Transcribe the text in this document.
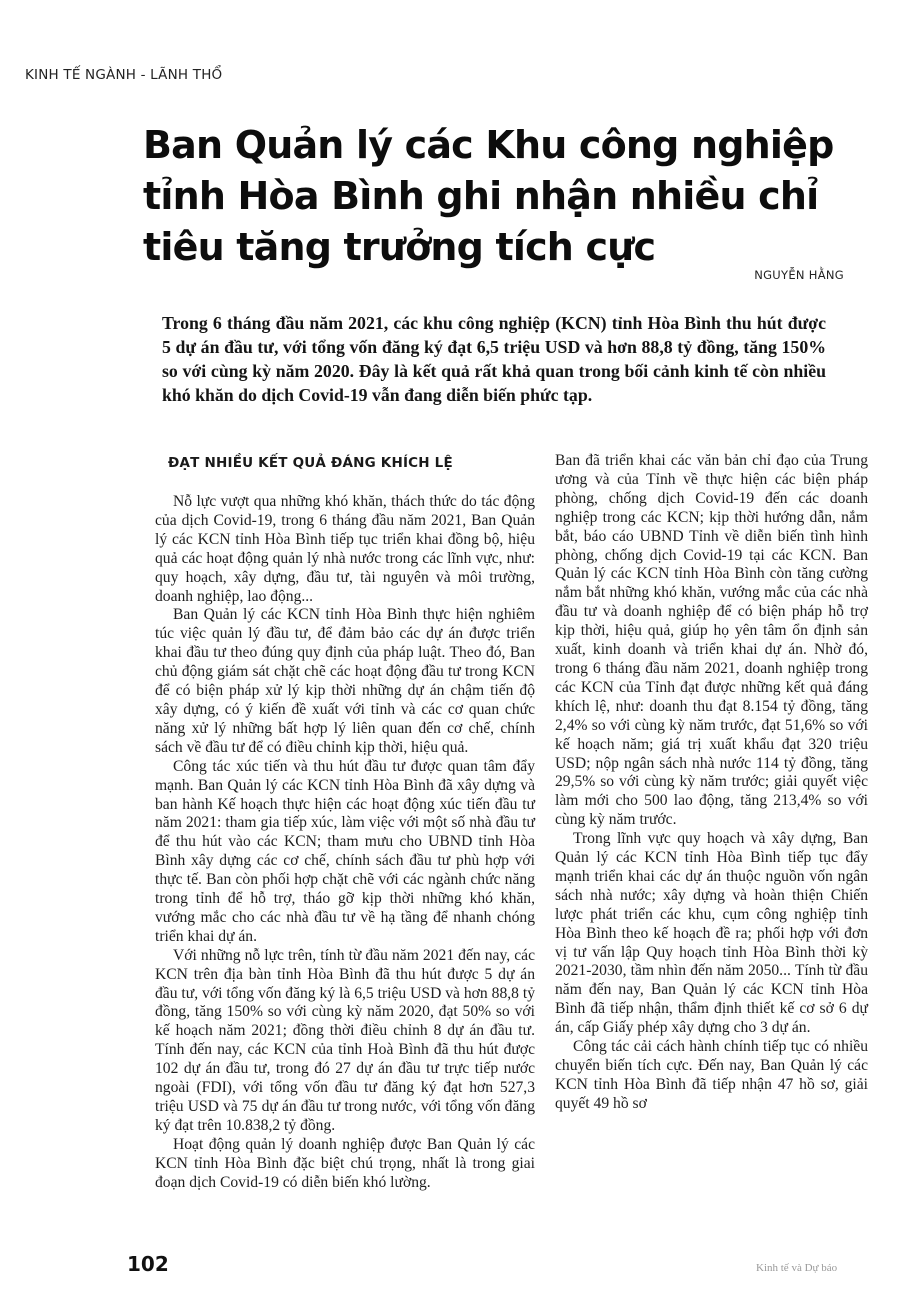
KINH TẾ NGÀNH - LÃNH THỔ
Ban Quản lý các Khu công nghiệp tỉnh Hòa Bình ghi nhận nhiều chỉ tiêu tăng trưởng tích cực
NGUYỄN HẰNG

Trong 6 tháng đầu năm 2021, các khu công nghiệp (KCN) tỉnh Hòa Bình thu hút được 5 dự án đầu tư, với tổng vốn đăng ký đạt 6,5 triệu USD và hơn 88,8 tỷ đồng, tăng 150% so với cùng kỳ năm 2020. Đây là kết quả rất khả quan trong bối cảnh kinh tế còn nhiều khó khăn do dịch Covid-19 vẫn đang diễn biến phức tạp.

ĐẠT NHIỀU KẾT QUẢ ĐÁNG KHÍCH LỆ

Nỗ lực vượt qua những khó khăn, thách thức do tác động của dịch Covid-19, trong 6 tháng đầu năm 2021, Ban Quản lý các KCN tỉnh Hòa Bình tiếp tục triển khai đồng bộ, hiệu quả các hoạt động quản lý nhà nước trong các lĩnh vực, như: quy hoạch, xây dựng, đầu tư, tài nguyên và môi trường, doanh nghiệp, lao động...

Ban Quản lý các KCN tỉnh Hòa Bình thực hiện nghiêm túc việc quản lý đầu tư, để đảm bảo các dự án được triển khai đầu tư theo đúng quy định của pháp luật. Theo đó, Ban chủ động giám sát chặt chẽ các hoạt động đầu tư trong KCN để có biện pháp xử lý kịp thời những dự án chậm tiến độ xây dựng, có ý kiến đề xuất với tỉnh và các cơ quan chức năng xử lý những bất hợp lý liên quan đến cơ chế, chính sách về đầu tư để có điều chỉnh kịp thời, hiệu quả.

Công tác xúc tiến và thu hút đầu tư được quan tâm đẩy mạnh. Ban Quản lý các KCN tỉnh Hòa Bình đã xây dựng và ban hành Kế hoạch thực hiện các hoạt động xúc tiến đầu tư năm 2021: tham gia tiếp xúc, làm việc với một số nhà đầu tư để thu hút vào các KCN; tham mưu cho UBND tỉnh Hòa Bình xây dựng các cơ chế, chính sách đầu tư phù hợp với thực tế. Ban còn phối hợp chặt chẽ với các ngành chức năng trong tỉnh để hỗ trợ, tháo gỡ kịp thời những khó khăn, vướng mắc cho các nhà đầu tư về hạ tầng để nhanh chóng triển khai dự án.

Với những nỗ lực trên, tính từ đầu năm 2021 đến nay, các KCN trên địa bàn tỉnh Hòa Bình đã thu hút được 5 dự án đầu tư, với tổng vốn đăng ký là 6,5 triệu USD và hơn 88,8 tỷ đồng, tăng 150% so với cùng kỳ năm 2020, đạt 50% so với kế hoạch năm 2021; đồng thời điều chỉnh 8 dự án đầu tư. Tính đến nay, các KCN của tỉnh Hoà Bình đã thu hút được 102 dự án đầu tư, trong đó 27 dự án đầu tư trực tiếp nước ngoài (FDI), với tổng vốn đầu tư đăng ký đạt hơn 527,3 triệu USD và 75 dự án đầu tư trong nước, với tổng vốn đăng ký đạt trên 10.838,2 tỷ đồng.

Hoạt động quản lý doanh nghiệp được Ban Quản lý các KCN tỉnh Hòa Bình đặc biệt chú trọng, nhất là trong giai đoạn dịch Covid-19 có diễn biến khó lường.

Ban đã triển khai các văn bản chỉ đạo của Trung ương và của Tỉnh về thực hiện các biện pháp phòng, chống dịch Covid-19 đến các doanh nghiệp trong các KCN; kịp thời hướng dẫn, nắm bắt, báo cáo UBND Tỉnh về diễn biến tình hình phòng, chống dịch Covid-19 tại các KCN. Ban Quản lý các KCN tỉnh Hòa Bình còn tăng cường nắm bắt những khó khăn, vướng mắc của các nhà đầu tư và doanh nghiệp để có biện pháp hỗ trợ kịp thời, hiệu quả, giúp họ yên tâm ổn định sản xuất, kinh doanh và triển khai dự án. Nhờ đó, trong 6 tháng đầu năm 2021, doanh nghiệp trong các KCN của Tỉnh đạt được những kết quả đáng khích lệ, như: doanh thu đạt 8.154 tỷ đồng, tăng 2,4% so với cùng kỳ năm trước, đạt 51,6% so với kế hoạch năm; giá trị xuất khẩu đạt 320 triệu USD; nộp ngân sách nhà nước 114 tỷ đồng, tăng 29,5% so với cùng kỳ năm trước; giải quyết việc làm mới cho 500 lao động, tăng 213,4% so với cùng kỳ năm trước.

Trong lĩnh vực quy hoạch và xây dựng, Ban Quản lý các KCN tỉnh Hòa Bình tiếp tục đẩy mạnh triển khai các dự án thuộc nguồn vốn ngân sách nhà nước; xây dựng và hoàn thiện Chiến lược phát triển các khu, cụm công nghiệp tỉnh Hòa Bình theo kế hoạch đề ra; phối hợp với đơn vị tư vấn lập Quy hoạch tỉnh Hòa Bình thời kỳ 2021-2030, tầm nhìn đến năm 2050... Tính từ đầu năm đến nay, Ban Quản lý các KCN tỉnh Hòa Bình đã tiếp nhận, thẩm định thiết kế cơ sở 6 dự án, cấp Giấy phép xây dựng cho 3 dự án.

Công tác cải cách hành chính tiếp tục có nhiều chuyển biến tích cực. Đến nay, Ban Quản lý các KCN tỉnh Hòa Bình đã tiếp nhận 47 hồ sơ, giải quyết 49 hồ sơ

102	Kinh tế và Dự báo
